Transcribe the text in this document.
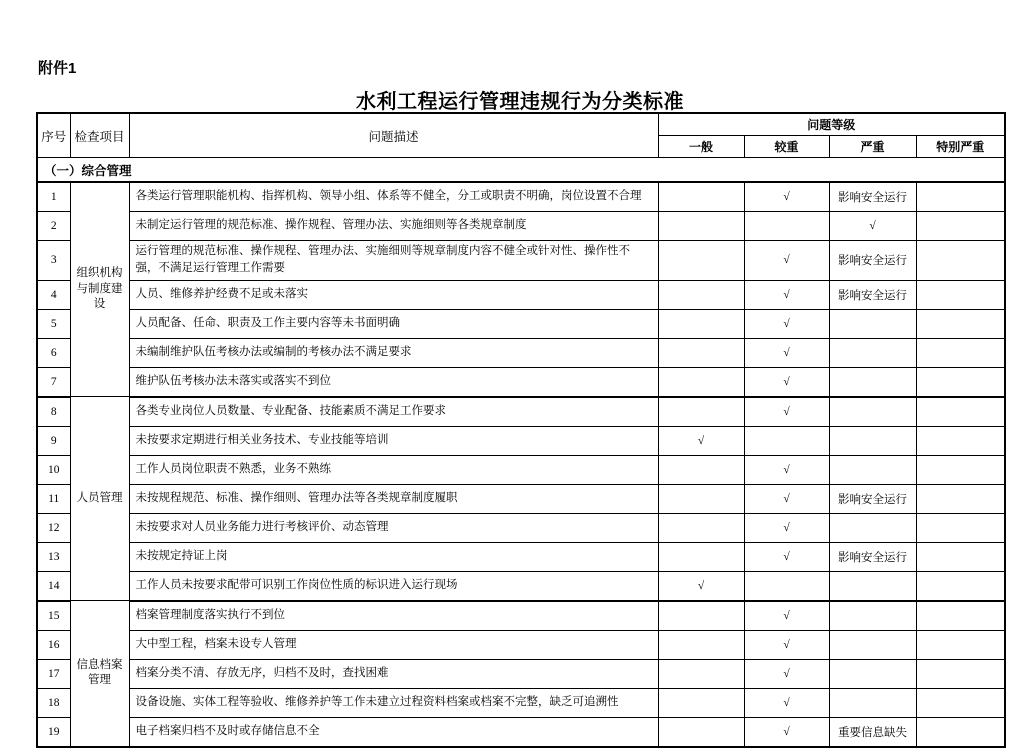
附件1
水利工程运行管理违规行为分类标准
序号	检查项目	问题描述	问题等级			
			一般	较重	严重	特别严重
（一）综合管理						
1	组织机构与制度建设	各类运行管理职能机构、指挥机构、领导小组、体系等不健全，分工或职责不明确，岗位设置不合理		√	影响安全运行	
2		未制定运行管理的规范标准、操作规程、管理办法、实施细则等各类规章制度			√	
3		运行管理的规范标准、操作规程、管理办法、实施细则等规章制度内容不健全或针对性、操作性不强，不满足运行管理工作需要		√	影响安全运行	
4		人员、维修养护经费不足或未落实		√	影响安全运行	
5		人员配备、任命、职责及工作主要内容等未书面明确		√		
6		未编制维护队伍考核办法或编制的考核办法不满足要求		√		
7		维护队伍考核办法未落实或落实不到位		√		
8	人员管理	各类专业岗位人员数量、专业配备、技能素质不满足工作要求		√		
9		未按要求定期进行相关业务技术、专业技能等培训	√			
10		工作人员岗位职责不熟悉，业务不熟练		√		
11		未按规程规范、标准、操作细则、管理办法等各类规章制度履职		√	影响安全运行	
12		未按要求对人员业务能力进行考核评价、动态管理		√		
13		未按规定持证上岗		√	影响安全运行	
14		工作人员未按要求配带可识别工作岗位性质的标识进入运行现场	√			
15	信息档案管理	档案管理制度落实执行不到位		√		
16		大中型工程，档案未设专人管理		√		
17		档案分类不清、存放无序，归档不及时，查找困难		√		
18		设备设施、实体工程等验收、维修养护等工作未建立过程资料档案或档案不完整，缺乏可追溯性		√		
19		电子档案归档不及时或存储信息不全		√	重要信息缺失	
